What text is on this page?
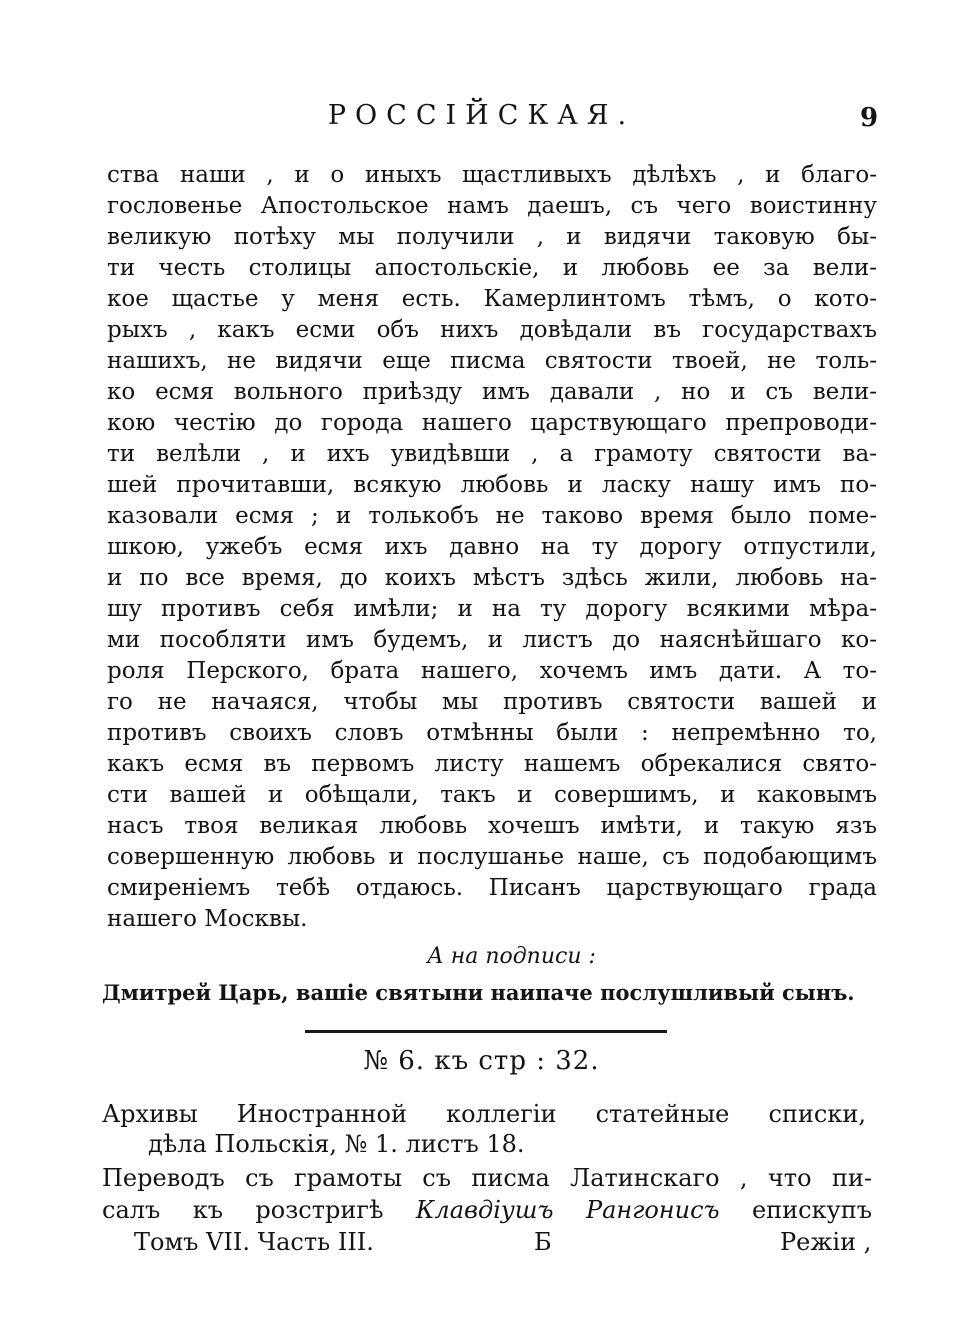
РОССІЙСКАЯ.	9
ства наши , и о иныхъ щастливыхъ дѣлѣхъ , и благо-
гословенье Апостольское намъ даешъ, съ чего воистинну
великую потѣху мы получили , и видячи таковую бы-
ти честь столицы апостольскіе, и любовь ее за вели-
кое щастье у меня есть. Камерлинтомъ тѣмъ, о кото-
рыхъ , какъ есми объ нихъ довѣдали въ государствахъ
нашихъ, не видячи еще писма святости твоей, не толь-
ко есмя вольного приѣзду имъ давали , но и съ вели-
кою честію до города нашего царствующаго препроводи-
ти велѣли , и ихъ увидѣвши , а грамоту святости ва-
шей прочитавши, всякую любовь и ласку нашу имъ по-
казовали есмя ; и толькобъ не таково время было поме-
шкою, ужебъ есмя ихъ давно на ту дорогу отпустили,
и по все время, до коихъ мѣстъ здѣсь жили, любовь на-
шу противъ себя имѣли; и на ту дорогу всякими мѣра-
ми пособляти имъ будемъ, и листъ до наяснѣйшаго ко-
роля Перского, брата нашего, хочемъ имъ дати. А то-
го не начаяся, чтобы мы противъ святости вашей и
противъ своихъ словъ отмѣнны были : непремѣнно то,
какъ есмя въ первомъ листу нашемъ обрекалися свято-
сти вашей и обѣщали, такъ и совершимъ, и каковымъ
насъ твоя великая любовь хочешъ имѣти, и такую язъ
совершенную любовь и послушанье наше, съ подобающимъ
смиреніемъ тебѣ отдаюсь. Писанъ царствующаго града
нашего Москвы.
А на подписи :
Дмитрей Царь, вашіе святыни наипаче послушливый сынъ.
№ 6. къ стр : 32.
Архивы Иностранной коллегіи статейные списки,
дѣла Польскія, № 1. листъ 18.
Переводъ съ грамоты съ писма Латинскаго , что пи-
салъ къ розстригѣ Клавдіушъ Рангонисъ епискупъ
Томъ VII. Часть III.	Б	Режіи ,
